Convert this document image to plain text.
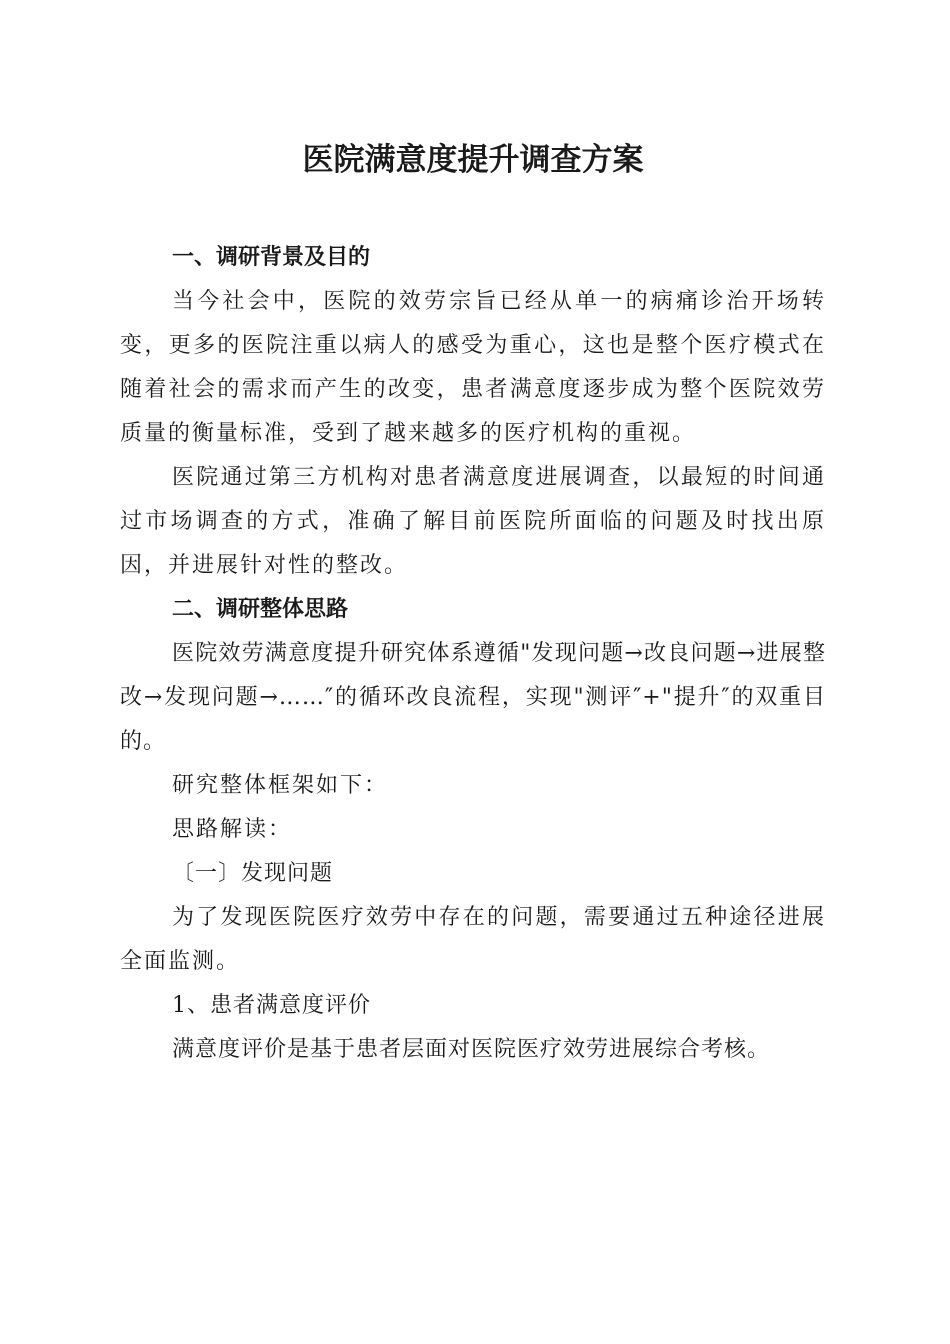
医院满意度提升调查方案
一、调研背景及目的

当今社会中，医院的效劳宗旨已经从单一的病痛诊治开场转变，更多的医院注重以病人的感受为重心，这也是整个医疗模式在随着社会的需求而产生的改变，患者满意度逐步成为整个医院效劳质量的衡量标准，受到了越来越多的医疗机构的重视。

医院通过第三方机构对患者满意度进展调查，以最短的时间通过市场调查的方式，准确了解目前医院所面临的问题及时找出原因，并进展针对性的整改。

二、调研整体思路

医院效劳满意度提升研究体系遵循"发现问题→改良问题→进展整改→发现问题→……″的循环改良流程，实现"测评″+"提升″的双重目的。

研究整体框架如下：

思路解读：

〔一〕发现问题

为了发现医院医疗效劳中存在的问题，需要通过五种途径进展全面监测。

1、患者满意度评价

满意度评价是基于患者层面对医院医疗效劳进展综合考核。
